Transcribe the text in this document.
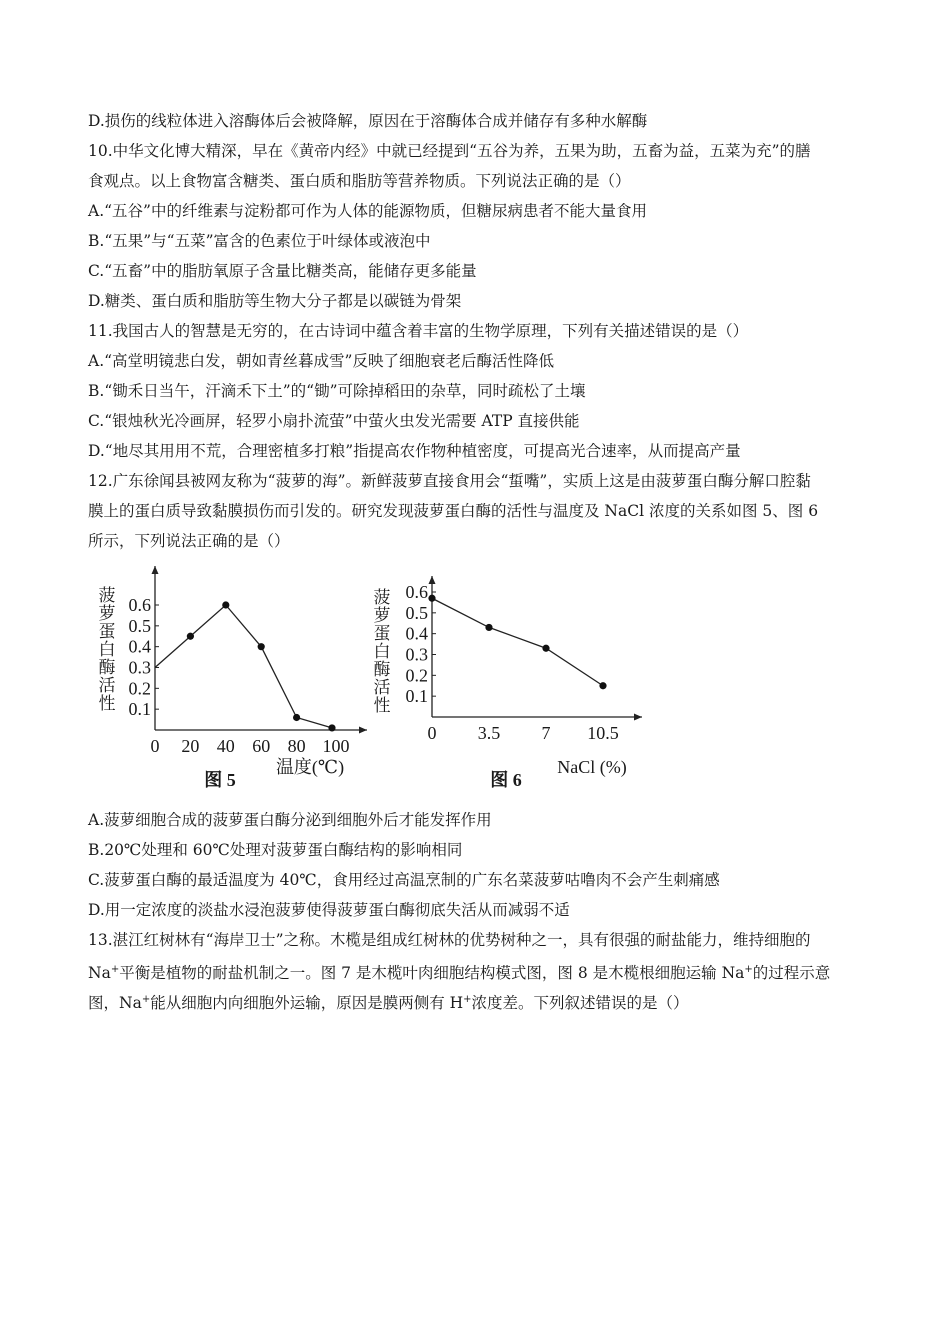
D.损伤的线粒体进入溶酶体后会被降解，原因在于溶酶体合成并储存有多种水解酶
10.中华文化博大精深，早在《黄帝内经》中就已经提到“五谷为养，五果为助，五畜为益，五菜为充”的膳
食观点。以上食物富含糖类、蛋白质和脂肪等营养物质。下列说法正确的是（）
A.“五谷”中的纤维素与淀粉都可作为人体的能源物质，但糖尿病患者不能大量食用
B.“五果”与“五菜”富含的色素位于叶绿体或液泡中
C.“五畜”中的脂肪氧原子含量比糖类高，能储存更多能量
D.糖类、蛋白质和脂肪等生物大分子都是以碳链为骨架
11.我国古人的智慧是无穷的，在古诗词中蕴含着丰富的生物学原理，下列有关描述错误的是（）
A.“高堂明镜悲白发，朝如青丝暮成雪”反映了细胞衰老后酶活性降低
B.“锄禾日当午，汗滴禾下土”的“锄”可除掉稻田的杂草，同时疏松了土壤
C.“银烛秋光冷画屏，轻罗小扇扑流萤”中萤火虫发光需要 ATP 直接供能
D.“地尽其用用不荒，合理密植多打粮”指提高农作物种植密度，可提高光合速率，从而提高产量
12.广东徐闻县被网友称为“菠萝的海”。新鲜菠萝直接食用会“蜇嘴”，实质上这是由菠萝蛋白酶分解口腔黏
膜上的蛋白质导致黏膜损伤而引发的。研究发现菠萝蛋白酶的活性与温度及 NaCl 浓度的关系如图 5、图 6
所示，下列说法正确的是（）
0.1
0.2
0.3
0.4
0.5
0.6
0 20 40 60 80 100
菠萝蛋白酶活性
温度(℃)
图 5
0.1
0.2
0.3
0.4
0.5
0.6
0 3.5 7 10.5
菠萝蛋白酶活性
NaCl (%)
图 6
A.菠萝细胞合成的菠萝蛋白酶分泌到细胞外后才能发挥作用
B.20℃处理和 60℃处理对菠萝蛋白酶结构的影响相同
C.菠萝蛋白酶的最适温度为 40℃，食用经过高温烹制的广东名菜菠萝咕噜肉不会产生刺痛感
D.用一定浓度的淡盐水浸泡菠萝使得菠萝蛋白酶彻底失活从而减弱不适
13.湛江红树林有“海岸卫士”之称。木榄是组成红树林的优势树种之一，具有很强的耐盐能力，维持细胞的
Na+平衡是植物的耐盐机制之一。图 7 是木榄叶肉细胞结构模式图，图 8 是木榄根细胞运输 Na+的过程示意
图，Na+能从细胞内向细胞外运输，原因是膜两侧有 H+浓度差。下列叙述错误的是（）
